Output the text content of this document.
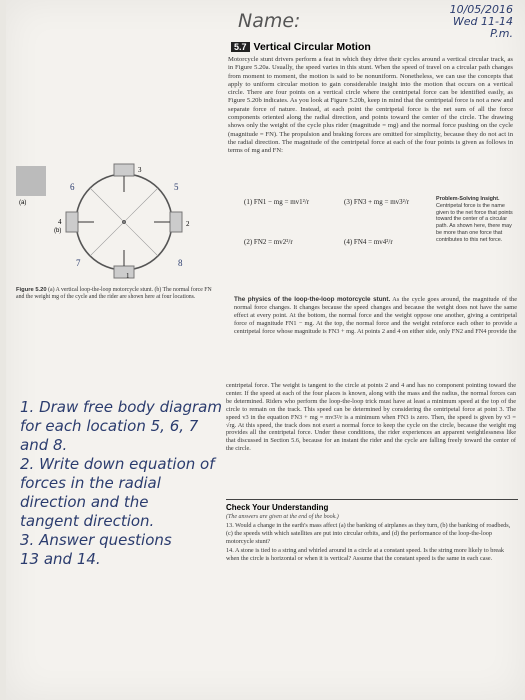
Name:
10/05/2016
Wed 11-14
P.m.
5.7 Vertical Circular Motion
Motorcycle stunt drivers perform a feat in which they drive their cycles around a vertical circular track, as in Figure 5.20a. Usually, the speed varies in this stunt. When the speed of travel on a circular path changes from moment to moment, the motion is said to be nonuniform. Nonetheless, we can use the concepts that apply to uniform circular motion to gain considerable insight into the motion that occurs on a vertical circle. There are four points on a vertical circle where the centripetal force can be identified easily, as Figure 5.20b indicates. As you look at Figure 5.20b, keep in mind that the centripetal force is not a new and separate force of nature. Instead, at each point the centripetal force is the net sum of all the force components oriented along the radial direction, and points toward the center of the circle. The drawing shows only the weight of the cycle plus rider (magnitude = mg) and the normal force pushing on the cycle (magnitude = FN). The propulsion and braking forces are omitted for simplicity, because they do not act in the radial direction. The magnitude of the centripetal force at each of the four points is given as follows in terms of mg and FN:
(a)
(b)
1
2
3
4
5
6
7	8
Figure 5.20 (a) A vertical loop-the-loop motorcycle stunt. (b) The normal force FN and the weight mg of the cycle and the rider are shown here at four locations.
(1) FN1 − mg = mv1²/r	(3) FN3 + mg = mv3²/r
(2) FN2 = mv2²/r	(4) FN4 = mv4²/r
Problem-Solving Insight. Centripetal force is the name given to the net force that points toward the center of a circular path. As shown here, there may be more than one force that contributes to this net force.
The physics of the loop-the-loop motorcycle stunt. As the cycle goes around, the magnitude of the normal force changes. It changes because the speed changes and because the weight does not have the same effect at every point. At the bottom, the normal force and the weight oppose one another, giving a centripetal force of magnitude FN1 − mg. At the top, the normal force and the weight reinforce each other to provide a centripetal force whose magnitude is FN3 + mg. At points 2 and 4 on either side, only FN2 and FN4 provide the
centripetal force. The weight is tangent to the circle at points 2 and 4 and has no component pointing toward the center. If the speed at each of the four places is known, along with the mass and the radius, the normal forces can be determined. Riders who perform the loop-the-loop trick must have at least a minimum speed at the top of the circle to remain on the track. This speed can be determined by considering the centripetal force at point 3. The speed v3 in the equation FN3 + mg = mv3²/r is a minimum when FN3 is zero. Then, the speed is given by v3 = √rg. At this speed, the track does not exert a normal force to keep the cycle on the circle, because the weight mg provides all the centripetal force. Under these conditions, the rider experiences an apparent weightlessness like that discussed in Section 5.6, because for an instant the rider and the cycle are falling freely toward the center of the circle.
1. Draw free body diagram
for each location 5, 6, 7
and 8.
2. Write down equation of
forces in the radial
direction and the
tangent direction.
3. Answer questions
13 and 14.
Check Your Understanding
(The answers are given at the end of the book.)
13. Would a change in the earth's mass affect (a) the banking of airplanes as they turn, (b) the banking of roadbeds, (c) the speeds with which satellites are put into circular orbits, and (d) the performance of the loop-the-loop motorcycle stunt?
14. A stone is tied to a string and whirled around in a circle at a constant speed. Is the string more likely to break when the circle is horizontal or when it is vertical? Assume that the constant speed is the same in each case.
